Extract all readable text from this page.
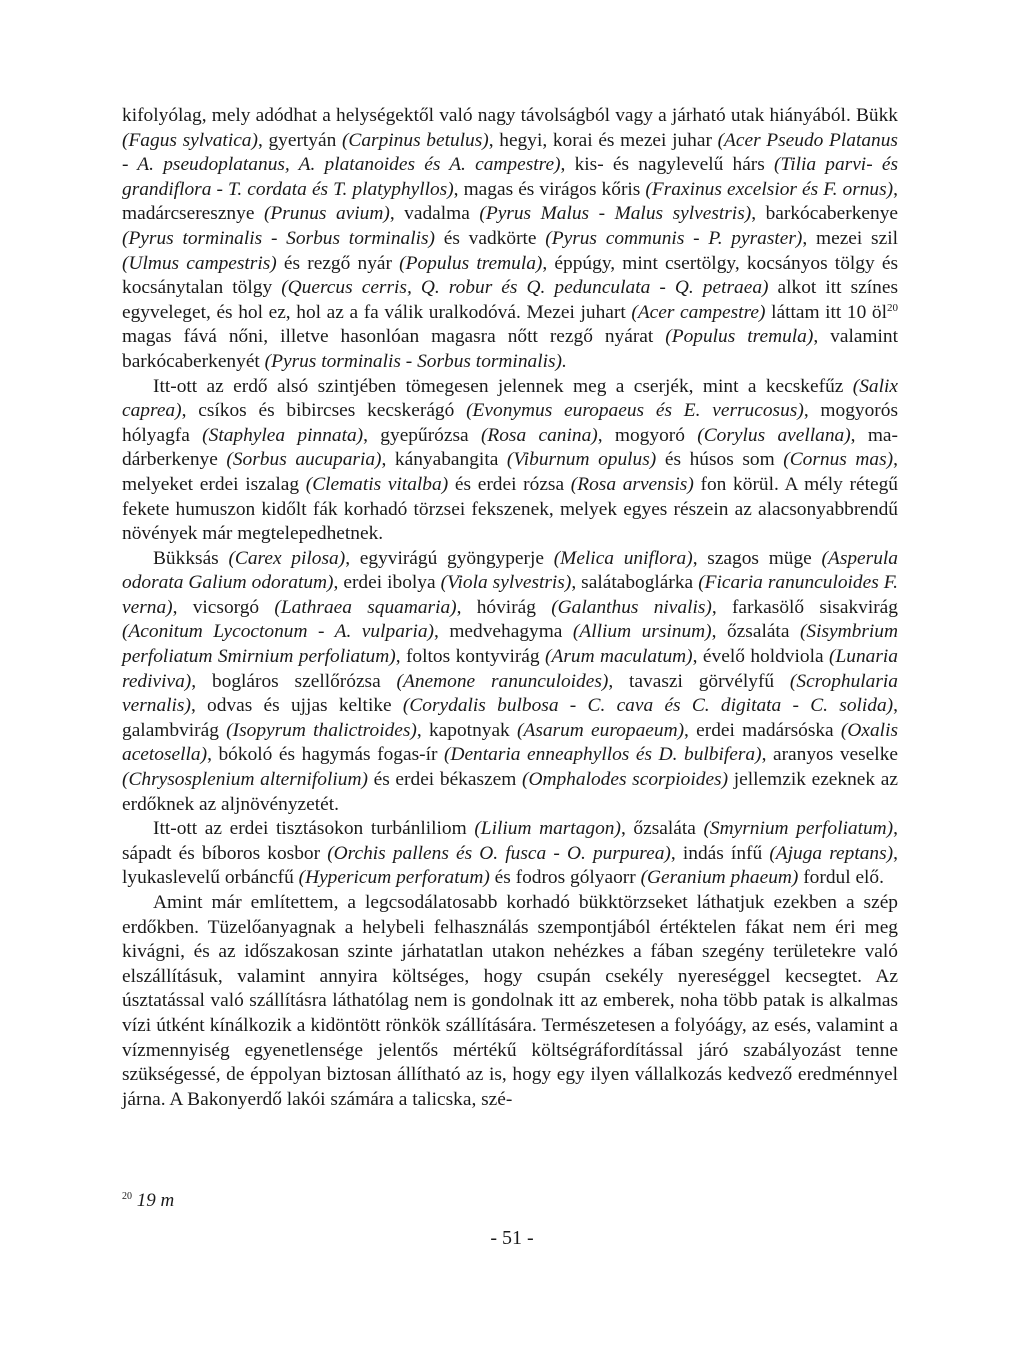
kifolyólag, mely adódhat a helységektől való nagy távolságból vagy a járható utak hiányából. Bükk (Fagus sylvatica), gyertyán (Carpinus betulus), hegyi, korai és mezei juhar (Acer Pseudo Platanus - A. pseudoplatanus, A. platanoides és A. campestre), kis- és nagylevelű hárs (Tilia parvi- és grandiflora - T. cordata és T. platyphyllos), magas és virágos kőris (Fraxinus excelsior és F. ornus), madárcseresznye (Prunus avium), vadalma (Pyrus Malus - Malus sylvestris), barkócaberkenye (Pyrus torminalis - Sorbus torminalis) és vadkörte (Pyrus communis - P. pyraster), mezei szil (Ulmus campestris) és rezgő nyár (Populus tremula), éppúgy, mint csertölgy, kocsányos tölgy és kocsánytalan tölgy (Quercus cerris, Q. robur és Q. pedunculata - Q. petraea) alkot itt színes egyveleget, és hol ez, hol az a fa válik uralkodóvá. Mezei juhart (Acer campestre) láttam itt 10 $öl^{20}$ magas fává nőni, illetve hasonlóan magasra nőtt rezgő nyárat (Populus tremula), valamint barkócaberkenyét (Pyrus torminalis - Sorbus torminalis).

Itt-ott az erdő alsó szintjében tömegesen jelennek meg a cserjék, mint a kecskefűz (Salix caprea), csíkos és bibircses kecskerágó (Evonymus europaeus és E. verrucosus), mogyorós hólyagfa (Staphylea pinnata), gyepűrózsa (Rosa canina), mogyoró (Corylus avellana), madárberkenye (Sorbus aucuparia), kányabangita (Viburnum opulus) és húsos som (Cornus mas), melyeket erdei iszalag (Clematis vitalba) és erdei rózsa (Rosa arvensis) fon körül. A mély rétegű fekete humuszon kidőlt fák korhadó törzsei fekszenek, melyek egyes részein az alacsonyabbrendű növények már megtelepedhetnek.

Bükksás (Carex pilosa), egyvirágú gyöngyperje (Melica uniflora), szagos müge (Asperula odorata Galium odoratum), erdei ibolya (Viola sylvestris), salátaboglárka (Ficaria ranunculoides F. verna), vicsorgó (Lathraea squamaria), hóvirág (Galanthus nivalis), farkasölő sisakvirág (Aconitum Lycoctonum - A. vulparia), medvehagyma (Allium ursinum), őzsaláta (Sisymbrium perfoliatum Smirnium perfoliatum), foltos kontyvirág (Arum maculatum), évelő holdviola (Lunaria rediviva), bogláros szellőrózsa (Anemone ranunculoides), tavaszi görvélyfű (Scrophularia vernalis), odvas és ujjas keltike (Corydalis bulbosa - C. cava és C. digitata - C. solida), galambvirág (Isopyrum thalictroides), kapotnyak (Asarum europaeum), erdei madársóska (Oxalis acetosella), bókoló és hagymás fogas-ír (Dentaria enneaphyllos és D. bulbifera), aranyos veselke (Chrysosplenium alternifolium) és erdei békaszem (Omphalodes scorpioides) jellemzik ezeknek az erdőknek az aljnövényzetét.

Itt-ott az erdei tisztásokon turbánliliom (Lilium martagon), őzsaláta (Smyrnium perfoliatum), sápadt és bíboros kosbor (Orchis pallens és O. fusca - O. purpurea), indás ínfű (Ajuga reptans), lyukaslevelű orbáncfű (Hypericum perforatum) és fodros gólyaorr (Geranium phaeum) fordul elő.

Amint már említettem, a legcsodálatosabb korhadó bükktörzseket láthatjuk ezekben a szép erdőkben. Tüzelőanyagnak a helybeli felhasználás szempontjából értéktelen fákat nem éri meg kivágni, és az időszakosan szinte járhatatlan utakon nehézkes a fában szegény területekre való elszállításuk, valamint annyira költséges, hogy csupán csekély nyereséggel kecsegtet. Az úsztatással való szállításra láthatólag nem is gondolnak itt az emberek, noha több patak is alkalmas vízi útként kínálkozik a kidöntött rönkök szállítására. Természetesen a folyóágy, az esés, valamint a vízmennyiség egyenetlensége jelentős mértékű költségráfordítással járó szabályozást tenne szükségessé, de éppolyan biztosan állítható az is, hogy egy ilyen vállalkozás kedvező eredménnyel járna. A Bakonyerdő lakói számára a talicska, szé-

$^{20}$ 19 m
- 51 -
